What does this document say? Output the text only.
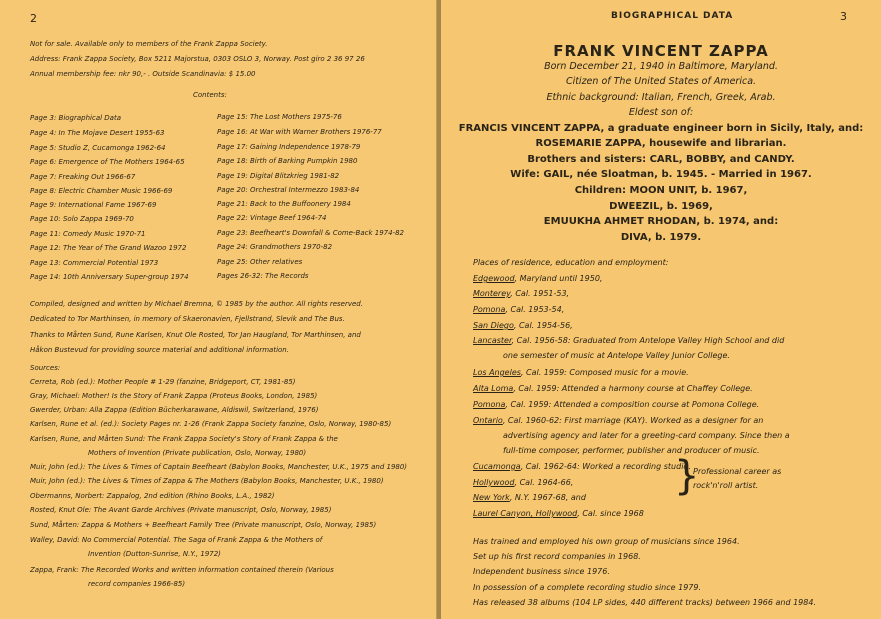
2
Not for sale. Available only to members of the Frank Zappa Society.
Address: Frank Zappa Society, Box 5211 Majorstua, 0303 OSLO 3, Norway. Post giro 2 36 97 26
Annual membership fee: nkr 90,- . Outside Scandinavia: $ 15.00
Contents:
Page 3: Biographical Data
Page 4: In The Mojave Desert 1955-63
Page 5: Studio Z, Cucamonga 1962-64
Page 6: Emergence of The Mothers 1964-65
Page 7: Freaking Out 1966-67
Page 8: Electric Chamber Music 1966-69
Page 9: International Fame 1967-69
Page 10: Solo Zappa 1969-70
Page 11: Comedy Music 1970-71
Page 12: The Year of The Grand Wazoo 1972
Page 13: Commercial Potential 1973
Page 14: 10th Anniversary Super-group 1974
Page 15: The Lost Mothers 1975-76
Page 16: At War with Warner Brothers 1976-77
Page 17: Gaining Independence 1978-79
Page 18: Birth of Barking Pumpkin 1980
Page 19: Digital Blitzkrieg 1981-82
Page 20: Orchestral Intermezzo 1983-84
Page 21: Back to the Buffoonery 1984
Page 22: Vintage Beef 1964-74
Page 23: Beefheart's Downfall & Come-Back 1974-82
Page 24: Grandmothers 1970-82
Page 25: Other relatives
Pages 26-32: The Records
Compiled, designed and written by Michael Bremna, © 1985 by the author. All rights reserved.
Dedicated to Tor Marthinsen, in memory of Skaeronavien, Fjellstrand, Slevik and The Bus.
Thanks to Mårten Sund, Rune Karlsen, Knut Ole Rosted, Tor Jan Haugland, Tor Marthinsen, and
Håkon Bustevud for providing source material and additional information.
Sources:
Cerreta, Rob (ed.): Mother People # 1-29 (fanzine, Bridgeport, CT, 1981-85)
Gray, Michael: Mother! Is the Story of Frank Zappa (Proteus Books, London, 1985)
Gwerder, Urban: Alla Zappa (Edition Bücherkarawane, Aldiswil, Switzerland, 1976)
Karlsen, Rune et al. (ed.): Society Pages nr. 1-26 (Frank Zappa Society fanzine, Oslo, Norway, 1980-85)
Karlsen, Rune, and Mårten Sund: The Frank Zappa Society's Story of Frank Zappa & the
Mothers of Invention (Private publication, Oslo, Norway, 1980)
Muir, John (ed.): The Lives & Times of Captain Beefheart (Babylon Books, Manchester, U.K., 1975 and 1980)
Muir, John (ed.): The Lives & Times of Zappa & The Mothers (Babylon Books, Manchester, U.K., 1980)
Obermanns, Norbert: Zappalog, 2nd edition (Rhino Books, L.A., 1982)
Rosted, Knut Ole: The Avant Garde Archives (Private manuscript, Oslo, Norway, 1985)
Sund, Mårten: Zappa & Mothers + Beefheart Family Tree (Private manuscript, Oslo, Norway, 1985)
Walley, David: No Commercial Potential. The Saga of Frank Zappa & the Mothers of
Invention (Dutton-Sunrise, N.Y., 1972)
Zappa, Frank: The Recorded Works and written information contained therein (Various
record companies 1966-85)
BIOGRAPHICAL DATA	3
FRANK VINCENT ZAPPA
Born December 21, 1940 in Baltimore, Maryland.
Citizen of The United States of America.
Ethnic background: Italian, French, Greek, Arab.
Eldest son of:
FRANCIS VINCENT ZAPPA, a graduate engineer born in Sicily, Italy, and:
ROSEMARIE ZAPPA, housewife and librarian.
Brothers and sisters: CARL, BOBBY, and CANDY.
Wife: GAIL, née Sloatman, b. 1945. - Married in 1967.
Children: MOON UNIT, b. 1967,
DWEEZIL, b. 1969,
EMUUKHA AHMET RHODAN, b. 1974, and:
DIVA, b. 1979.
Places of residence, education and employment:
Edgewood, Maryland until 1950,
Monterey, Cal. 1951-53,
Pomona, Cal. 1953-54,
San Diego, Cal. 1954-56,
Lancaster, Cal. 1956-58: Graduated from Antelope Valley High School and did
one semester of music at Antelope Valley Junior College.
Los Angeles, Cal. 1959: Composed music for a movie.
Alta Loma, Cal. 1959: Attended a harmony course at Chaffey College.
Pomona, Cal. 1959: Attended a composition course at Pomona College.
Ontario, Cal. 1960-62: First marriage (KAY). Worked as a designer for an
advertising agency and later for a greeting-card company. Since then a
full-time composer, performer, publisher and producer of music.
Cucamonga, Cal. 1962-64: Worked a recording studio.
Hollywood, Cal. 1964-66,
New York, N.Y. 1967-68, and
Laurel Canyon, Hollywood, Cal. since 1968
}
Professional career as
rock'n'roll artist.
Has trained and employed his own group of musicians since 1964.
Set up his first record companies in 1968.
Independent business since 1976.
In possession of a complete recording studio since 1979.
Has released 38 albums (104 LP sides, 440 different tracks) between 1966 and 1984.
